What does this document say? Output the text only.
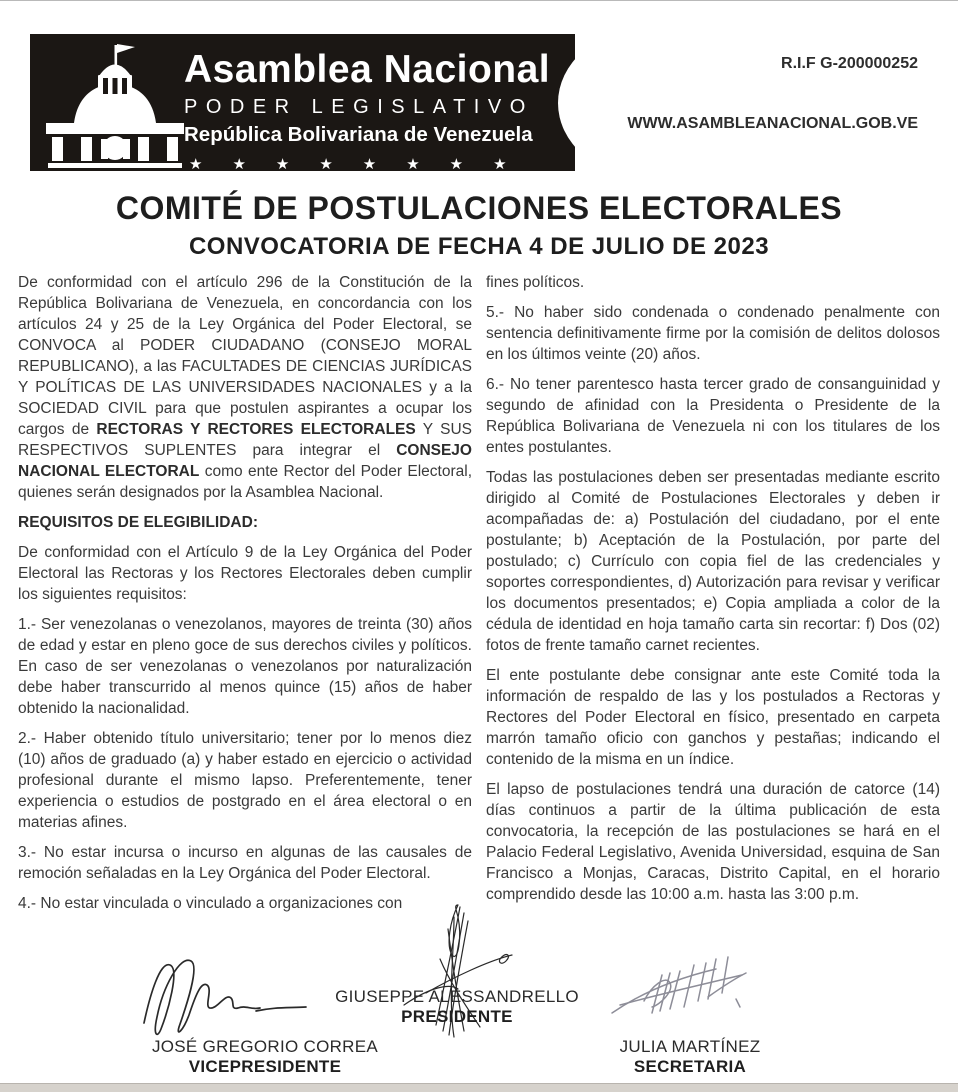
Asamblea Nacional
PODER LEGISLATIVO
República Bolivariana de Venezuela
★★★★★★★★
R.I.F G-200000252
WWW.ASAMBLEANACIONAL.GOB.VE
COMITÉ DE POSTULACIONES ELECTORALES
CONVOCATORIA DE FECHA 4 DE JULIO DE 2023

De conformidad con el artículo 296 de la Constitución de la República Bolivariana de Venezuela, en concordancia con los artículos 24 y 25 de la Ley Orgánica del Poder Electoral, se CONVOCA al PODER CIUDADANO (CONSEJO MORAL REPUBLICANO), a las FACULTADES DE CIENCIAS JURÍDICAS Y POLÍTICAS DE LAS UNIVERSIDADES NACIONALES y a la SOCIEDAD CIVIL para que postulen aspirantes a ocupar los cargos de RECTORAS Y RECTORES ELECTORALES Y SUS RESPECTIVOS SUPLENTES para integrar el CONSEJO NACIONAL ELECTORAL como ente Rector del Poder Electoral, quienes serán designados por la Asamblea Nacional.

REQUISITOS DE ELEGIBILIDAD:

De conformidad con el Artículo 9 de la Ley Orgánica del Poder Electoral las Rectoras y los Rectores Electorales deben cumplir los siguientes requisitos:

1.- Ser venezolanas o venezolanos, mayores de treinta (30) años de edad y estar en pleno goce de sus derechos civiles y políticos. En caso de ser venezolanas o venezolanos por naturalización debe haber transcurrido al menos quince (15) años de haber obtenido la nacionalidad.

2.- Haber obtenido título universitario; tener por lo menos diez (10) años de graduado (a) y haber estado en ejercicio o actividad profesional durante el mismo lapso. Preferentemente, tener experiencia o estudios de postgrado en el área electoral o en materias afines.

3.- No estar incursa o incurso en algunas de las causales de remoción señaladas en la Ley Orgánica del Poder Electoral.

4.- No estar vinculada o vinculado a organizaciones con

fines políticos.

5.- No haber sido condenada o condenado penalmente con sentencia definitivamente firme por la comisión de delitos dolosos en los últimos veinte (20) años.

6.- No tener parentesco hasta tercer grado de consanguinidad y segundo de afinidad con la Presidenta o Presidente de la República Bolivariana de Venezuela ni con los titulares de los entes postulantes.

Todas las postulaciones deben ser presentadas mediante escrito dirigido al Comité de Postulaciones Electorales y deben ir acompañadas de: a) Postulación del ciudadano, por el ente postulante; b) Aceptación de la Postulación, por parte del postulado; c) Currículo con copia fiel de las credenciales y soportes correspondientes, d) Autorización para revisar y verificar los documentos presentados; e) Copia ampliada a color de la cédula de identidad en hoja tamaño carta sin recortar: f) Dos (02) fotos de frente tamaño carnet recientes.

El ente postulante debe consignar ante este Comité toda la información de respaldo de las y los postulados a Rectoras y Rectores del Poder Electoral en físico, presentado en carpeta marrón tamaño oficio con ganchos y pestañas; indicando el contenido de la misma en un índice.

El lapso de postulaciones tendrá una duración de catorce (14) días continuos a partir de la última publicación de esta convocatoria, la recepción de las postulaciones se hará en el Palacio Federal Legislativo, Avenida Universidad, esquina de San Francisco a Monjas, Caracas, Distrito Capital, en el horario comprendido desde las 10:00 a.m. hasta las 3:00 p.m.

GIUSEPPE ALESSANDRELLO
PRESIDENTE
JOSÉ GREGORIO CORREA
VICEPRESIDENTE
JULIA MARTÍNEZ
SECRETARIA
